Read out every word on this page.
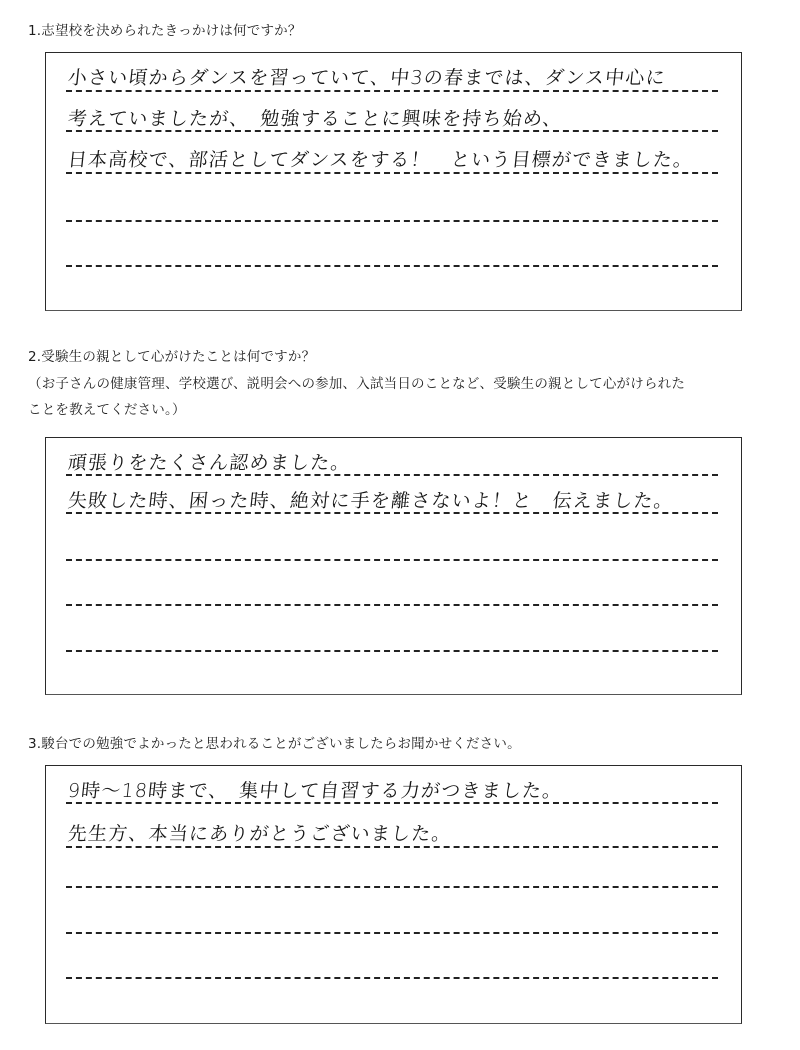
1.志望校を決められたきっかけは何ですか？
小さい頃からダンスを習っていて、中3の春までは、ダンス中心に
考えていましたが、　勉強することに興味を持ち始め、
日本高校で、部活としてダンスをする！　という目標ができました。
2.受験生の親として心がけたことは何ですか？
（お子さんの健康管理、学校選び、説明会への参加、入試当日のことなど、受験生の親として心がけられた
ことを教えてください。）
頑張りをたくさん認めました。
失敗した時、困った時、絶対に手を離さないよ！と　伝えました。
3.駿台での勉強でよかったと思われることがございましたらお聞かせください。
9時〜18時まで、　集中して自習する力がつきました。
先生方、本当にありがとうございました。
